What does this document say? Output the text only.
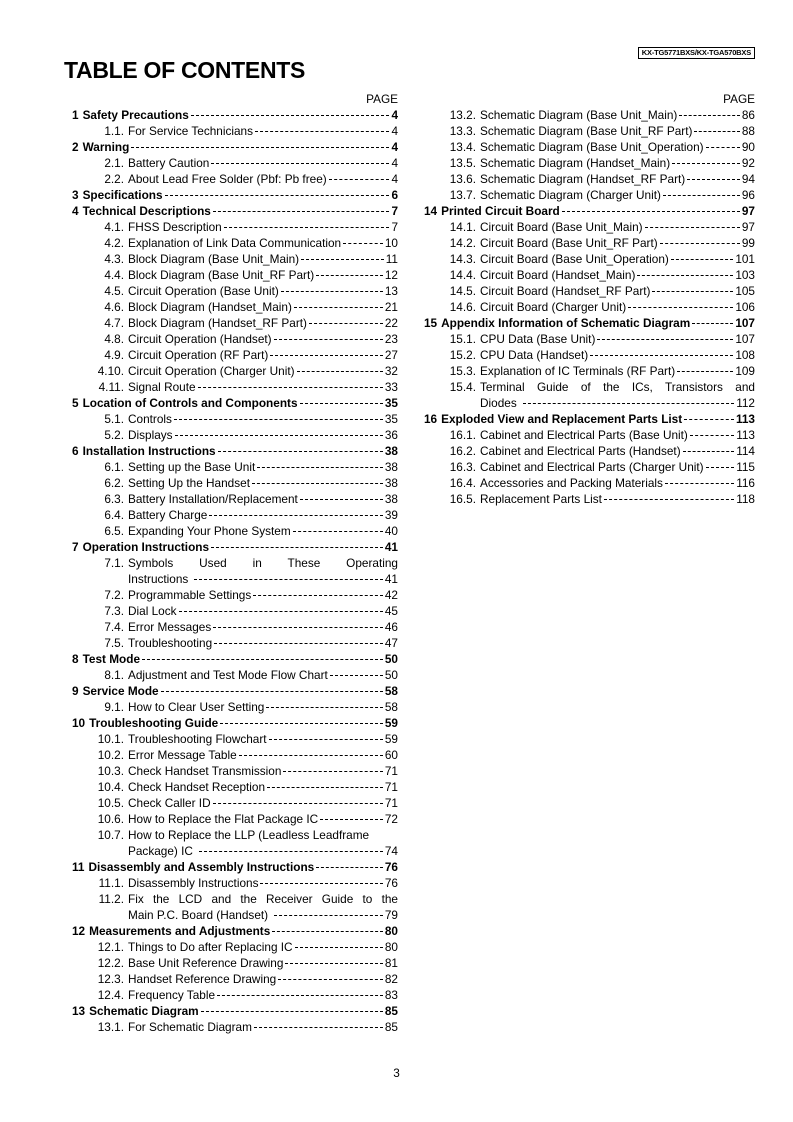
KX-TG5771BXS/KX-TGA570BXS
TABLE OF CONTENTS
PAGE
1 Safety Precautions	4
1.1. For Service Technicians	4
2 Warning	4
2.1. Battery Caution	4
2.2. About Lead Free Solder (Pbf: Pb free)	4
3 Specifications	6
4 Technical Descriptions	7
4.1. FHSS Description	7
4.2. Explanation of Link Data Communication	10
4.3. Block Diagram (Base Unit_Main)	11
4.4. Block Diagram (Base Unit_RF Part)	12
4.5. Circuit Operation (Base Unit)	13
4.6. Block Diagram (Handset_Main)	21
4.7. Block Diagram (Handset_RF Part)	22
4.8. Circuit Operation (Handset)	23
4.9. Circuit Operation (RF Part)	27
4.10. Circuit Operation (Charger Unit)	32
4.11. Signal Route	33
5 Location of Controls and Components	35
5.1. Controls	35
5.2. Displays	36
6 Installation Instructions	38
6.1. Setting up the Base Unit	38
6.2. Setting Up the Handset	38
6.3. Battery Installation/Replacement	38
6.4. Battery Charge	39
6.5. Expanding Your Phone System	40
7 Operation Instructions	41
7.1. Symbols Used in These Operating
Instructions	41
7.2. Programmable Settings	42
7.3. Dial Lock	45
7.4. Error Messages	46
7.5. Troubleshooting	47
8 Test Mode	50
8.1. Adjustment and Test Mode Flow Chart	50
9 Service Mode	58
9.1. How to Clear User Setting	58
10 Troubleshooting Guide	59
10.1. Troubleshooting Flowchart	59
10.2. Error Message Table	60
10.3. Check Handset Transmission	71
10.4. Check Handset Reception	71
10.5. Check Caller ID	71
10.6. How to Replace the Flat Package IC	72
10.7. How to Replace the LLP (Leadless Leadframe
Package) IC	74
11 Disassembly and Assembly Instructions	76
11.1. Disassembly Instructions	76
11.2. Fix the LCD and the Receiver Guide to the
Main P.C. Board (Handset)	79
12 Measurements and Adjustments	80
12.1. Things to Do after Replacing IC	80
12.2. Base Unit Reference Drawing	81
12.3. Handset Reference Drawing	82
12.4. Frequency Table	83
13 Schematic Diagram	85
13.1. For Schematic Diagram	85
PAGE
13.2. Schematic Diagram (Base Unit_Main)	86
13.3. Schematic Diagram (Base Unit_RF Part)	88
13.4. Schematic Diagram (Base Unit_Operation)	90
13.5. Schematic Diagram (Handset_Main)	92
13.6. Schematic Diagram (Handset_RF Part)	94
13.7. Schematic Diagram (Charger Unit)	96
14 Printed Circuit Board	97
14.1. Circuit Board (Base Unit_Main)	97
14.2. Circuit Board (Base Unit_RF Part)	99
14.3. Circuit Board (Base Unit_Operation)	101
14.4. Circuit Board (Handset_Main)	103
14.5. Circuit Board (Handset_RF Part)	105
14.6. Circuit Board (Charger Unit)	106
15 Appendix Information of Schematic Diagram	107
15.1. CPU Data (Base Unit)	107
15.2. CPU Data (Handset)	108
15.3. Explanation of IC Terminals (RF Part)	109
15.4. Terminal Guide of the ICs, Transistors and
Diodes	112
16 Exploded View and Replacement Parts List	113
16.1. Cabinet and Electrical Parts (Base Unit)	113
16.2. Cabinet and Electrical Parts (Handset)	114
16.3. Cabinet and Electrical Parts (Charger Unit)	115
16.4. Accessories and Packing Materials	116
16.5. Replacement Parts List	118
3
